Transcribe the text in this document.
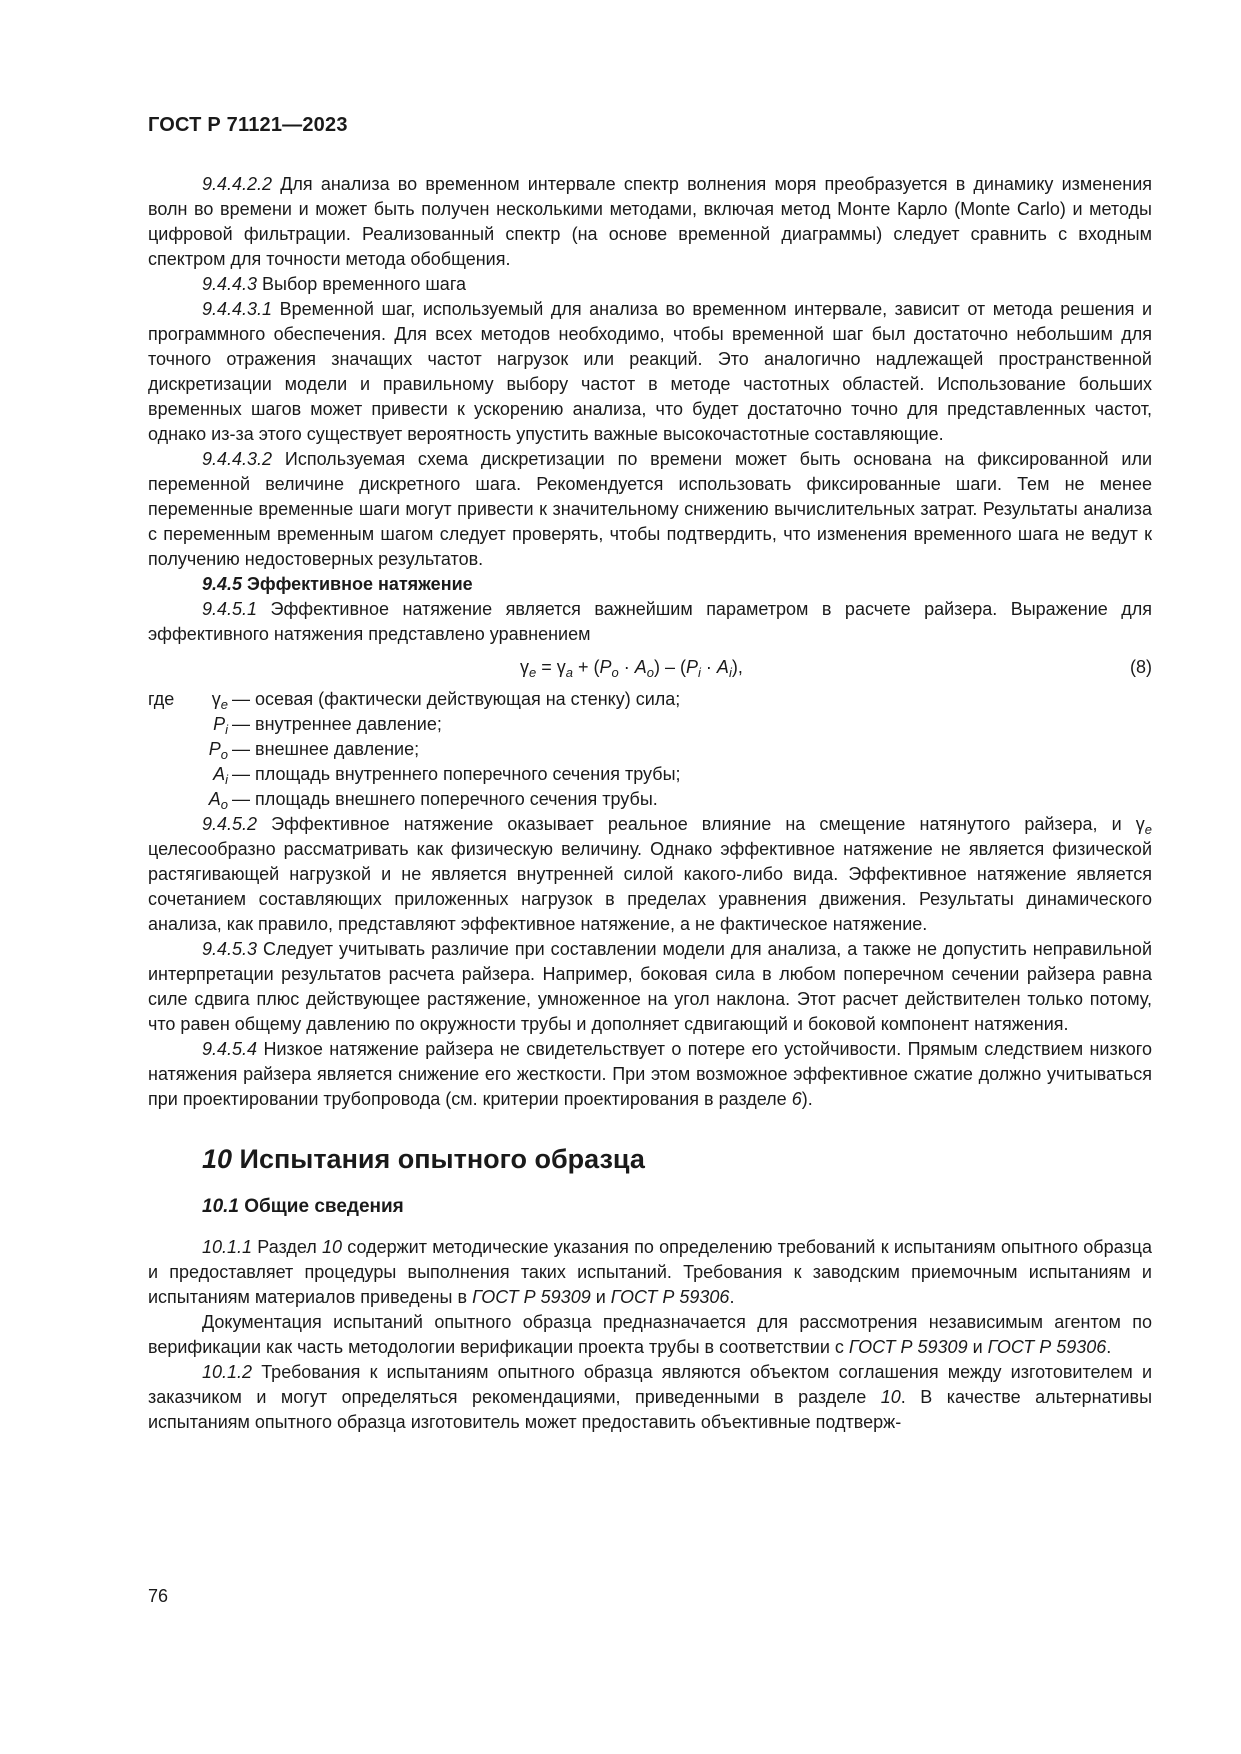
ГОСТ Р 71121—2023

9.4.4.2.2 Для анализа во временном интервале спектр волнения моря преобразуется в динамику изменения волн во времени и может быть получен несколькими методами, включая метод Монте Карло (Monte Carlo) и методы цифровой фильтрации. Реализованный спектр (на основе временной диаграммы) следует сравнить с входным спектром для точности метода обобщения.

9.4.4.3 Выбор временного шага

9.4.4.3.1 Временной шаг, используемый для анализа во временном интервале, зависит от метода решения и программного обеспечения. Для всех методов необходимо, чтобы временной шаг был достаточно небольшим для точного отражения значащих частот нагрузок или реакций. Это аналогично надлежащей пространственной дискретизации модели и правильному выбору частот в методе частотных областей. Использование больших временных шагов может привести к ускорению анализа, что будет достаточно точно для представленных частот, однако из-за этого существует вероятность упустить важные высокочастотные составляющие.

9.4.4.3.2 Используемая схема дискретизации по времени может быть основана на фиксированной или переменной величине дискретного шага. Рекомендуется использовать фиксированные шаги. Тем не менее переменные временные шаги могут привести к значительному снижению вычислительных затрат. Результаты анализа с переменным временным шагом следует проверять, чтобы подтвердить, что изменения временного шага не ведут к получению недостоверных результатов.

9.4.5 Эффективное натяжение

9.4.5.1 Эффективное натяжение является важнейшим параметром в расчете райзера. Выражение для эффективного натяжения представлено уравнением

$\gamma_e = \gamma_a + (P_o \cdot A_o) - (P_i \cdot A_i)$,	(8)
где	$\gamma_e$ — осевая (фактически действующая на стенку) сила;
$P_i$ — внутреннее давление;
$P_o$ — внешнее давление;
$A_i$ — площадь внутреннего поперечного сечения трубы;
$A_o$ — площадь внешнего поперечного сечения трубы.

9.4.5.2 Эффективное натяжение оказывает реальное влияние на смещение натянутого райзера, и $\gamma_e$ целесообразно рассматривать как физическую величину. Однако эффективное натяжение не является физической растягивающей нагрузкой и не является внутренней силой какого-либо вида. Эффективное натяжение является сочетанием составляющих приложенных нагрузок в пределах уравнения движения. Результаты динамического анализа, как правило, представляют эффективное натяжение, а не фактическое натяжение.

9.4.5.3 Следует учитывать различие при составлении модели для анализа, а также не допустить неправильной интерпретации результатов расчета райзера. Например, боковая сила в любом поперечном сечении райзера равна силе сдвига плюс действующее растяжение, умноженное на угол наклона. Этот расчет действителен только потому, что равен общему давлению по окружности трубы и дополняет сдвигающий и боковой компонент натяжения.

9.4.5.4 Низкое натяжение райзера не свидетельствует о потере его устойчивости. Прямым следствием низкого натяжения райзера является снижение его жесткости. При этом возможное эффективное сжатие должно учитываться при проектировании трубопровода (см. критерии проектирования в разделе 6).

10 Испытания опытного образца
10.1 Общие сведения

10.1.1 Раздел 10 содержит методические указания по определению требований к испытаниям опытного образца и предоставляет процедуры выполнения таких испытаний. Требования к заводским приемочным испытаниям и испытаниям материалов приведены в ГОСТ Р 59309 и ГОСТ Р 59306.

Документация испытаний опытного образца предназначается для рассмотрения независимым агентом по верификации как часть методологии верификации проекта трубы в соответствии с ГОСТ Р 59309 и ГОСТ Р 59306.

10.1.2 Требования к испытаниям опытного образца являются объектом соглашения между изготовителем и заказчиком и могут определяться рекомендациями, приведенными в разделе 10. В качестве альтернативы испытаниям опытного образца изготовитель может предоставить объективные подтверж-

76
